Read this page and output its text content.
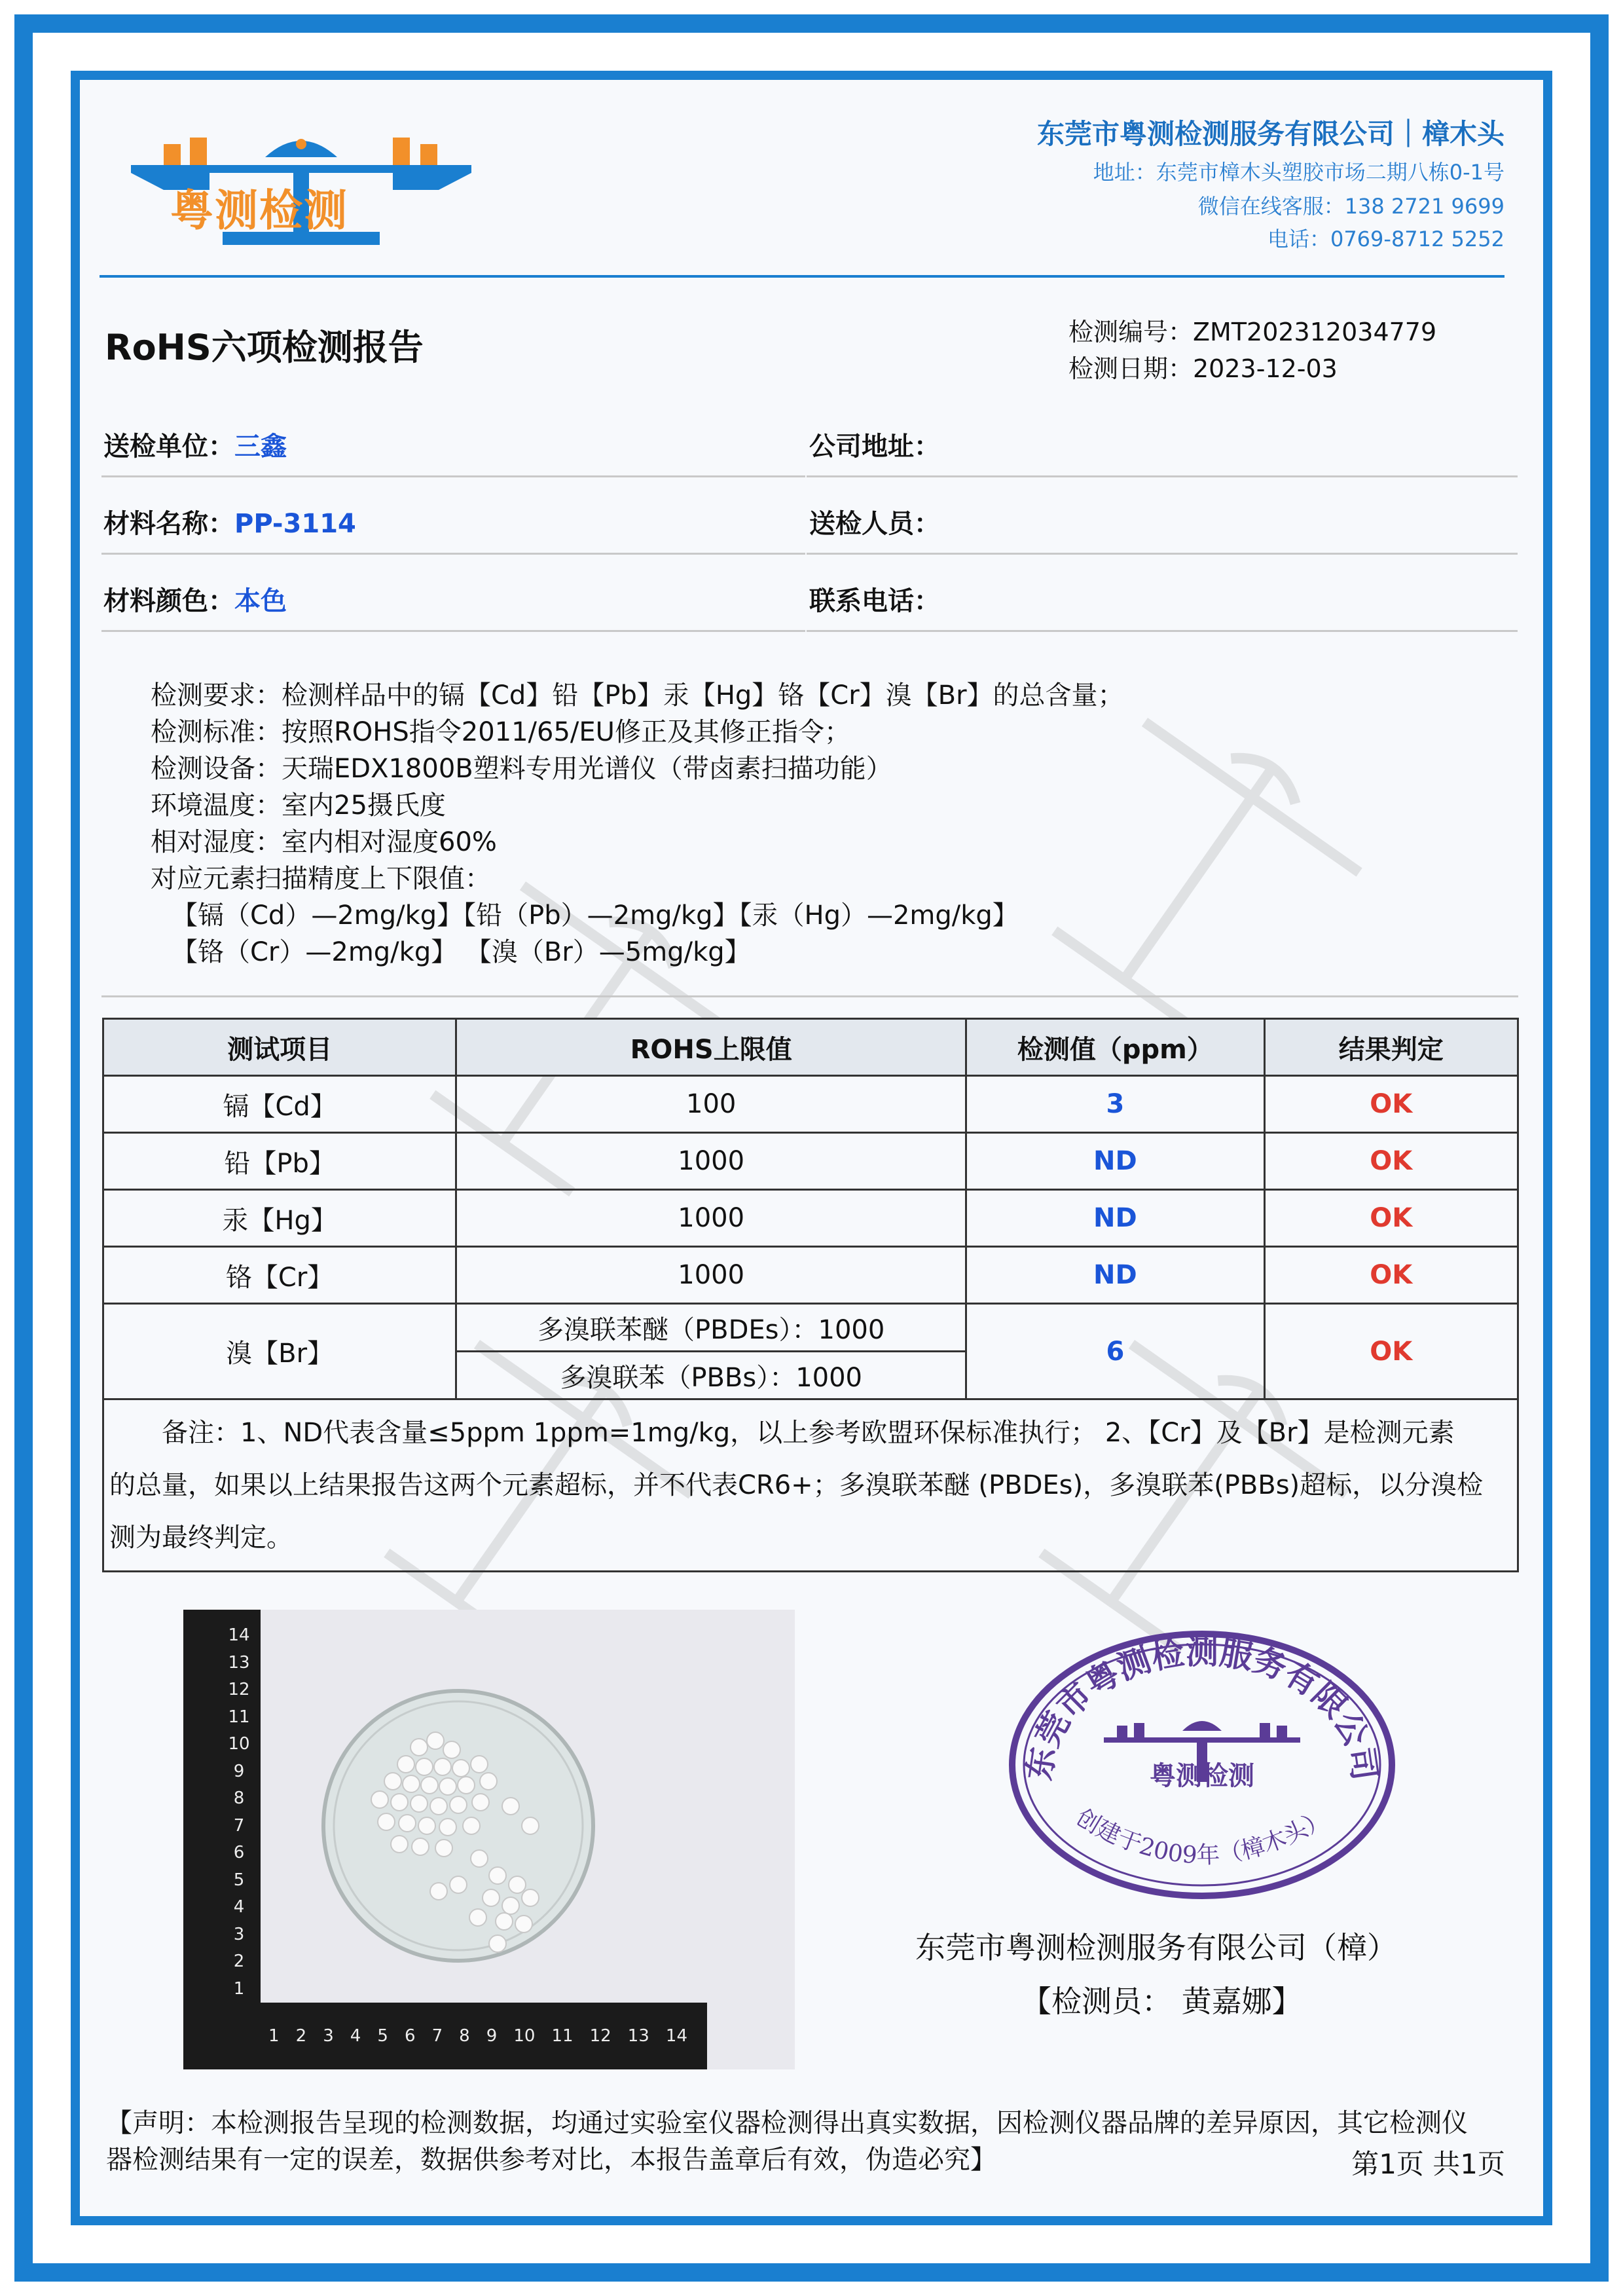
粤测检测
东莞市粤测检测服务有限公司｜樟木头
地址：东莞市樟木头塑胶市场二期八栋0-1号
微信在线客服：138 2721 9699
电话：0769-8712 5252
RoHS六项检测报告	检测编号：ZMT202312034779
检测日期：2023-12-03
送检单位：三鑫	公司地址：
材料名称：PP-3114	送检人员：
材料颜色：本色	联系电话：
检测要求：检测样品中的镉【Cd】铅【Pb】汞【Hg】铬【Cr】溴【Br】的总含量；
检测标准：按照ROHS指令2011/65/EU修正及其修正指令；
检测设备：天瑞EDX1800B塑料专用光谱仪（带卤素扫描功能）
环境温度：室内25摄氏度
相对湿度：室内相对湿度60%
对应元素扫描精度上下限值：
【镉（Cd）—2mg/kg】【铅（Pb）—2mg/kg】【汞（Hg）—2mg/kg】
【铬（Cr）—2mg/kg】 【溴（Br）—5mg/kg】
测试项目	ROHS上限值	检测值（ppm）	结果判定
镉【Cd】	100	3	OK
铅【Pb】	1000	ND	OK
汞【Hg】	1000	ND	OK
铬【Cr】	1000	ND	OK
溴【Br】	多溴联苯醚（PBDEs）：1000	6	OK
	多溴联苯（PBBs）：1000		

备注：1、ND代表含量≤5ppm 1ppm=1mg/kg，以上参考欧盟环保标准执行； 2、【Cr】及【Br】是检测元素
的总量，如果以上结果报告这两个元素超标，并不代表CR6+；多溴联苯醚 (PBDEs)，多溴联苯(PBBs)超标，以分溴检
测为最终判定。			
14
13
12
11
10
9
8
7
6
5
4
3
2
1
1 2 3 4 5 6 7 8 9 10 11 12 13 14
东莞市粤测检测服务有限公司
创建于2009年（樟木头）
粤测检测
东莞市粤测检测服务有限公司（樟）
【检测员： 黄嘉娜】
【声明：本检测报告呈现的检测数据，均通过实验室仪器检测得出真实数据，因检测仪器品牌的差异原因，其它检测仪
器检测结果有一定的误差，数据供参考对比，本报告盖章后有效，伪造必究】	第1页 共1页
